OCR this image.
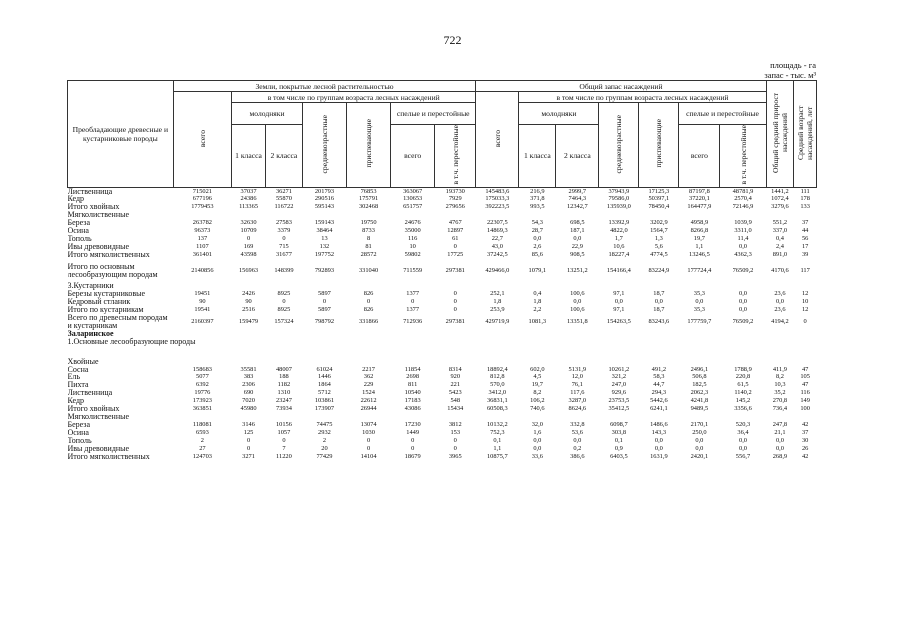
722
площадь - га
запас - тыс. м³
Преобладающие древесные и кустарниковые породы	Земли, покрытые лесной растительностью							Общий запас насаждений							Общий средний прирост насаждений	Средний возраст насаждений, лет
	всего	в том числе по группам возраста лесных насаждений						всего	в том числе по группам возраста лесных насаждений							
		молодняки		средневозрастные	приспевающие	спелые и перестойные			молодняки		средневозрастные	приспевающие	спелые и перестойные			
		1 класса	2 класса			всего	в т.ч. перестойные		1 класса	2 класса			всего	в т.ч. перестойные		
Лиственница	715021	37037	36271	201793	76853	363067	193730	145483,6	216,9	2999,7	37943,9	17125,3	87197,8	48781,9	1441,2	111
Кедр	677196	24386	55870	290516	175791	130653	7929	175033,3	371,8	7464,3	79586,0	50397,1	37220,1	2570,4	1072,4	178
Итого хвойных	1779453	113365	116722	595143	302468	651757	279656	392223,5	993,5	12342,7	135939,0	78450,4	164477,9	72146,9	3279,6	133
Мягколиственные																
Береза	263782	32630	27583	159143	19750	24676	4767	22307,5	54,3	698,5	13392,9	3202,9	4958,9	1039,9	551,2	37
Осина	96373	10709	3379	38464	8733	35000	12897	14869,3	28,7	187,1	4822,0	1564,7	8266,8	3311,0	337,0	44
Тополь	137	0	0	13	8	116	61	22,7	0,0	0,0	1,7	1,3	19,7	11,4	0,4	56
Ивы древовидные	1107	169	715	132	81	10	0	43,0	2,6	22,9	10,6	5,6	1,1	0,0	2,4	17
Итого мягколиственных	361401	43598	31677	197752	28572	59802	17725	37242,5	85,6	908,5	18227,4	4774,5	13246,5	4362,3	891,0	39
Итого по основным лесообразующим породам	2140856	156963	148399	792893	331040	711559	297381	429466,0	1079,1	13251,2	154166,4	83224,9	177724,4	76509,2	4170,6	117
3.Кустарники																
Березы кустарниковые	19451	2426	8925	5897	826	1377	0	252,1	0,4	100,6	97,1	18,7	35,3	0,0	23,6	12
Кедровый стланик	90	90	0	0	0	0	0	1,8	1,8	0,0	0,0	0,0	0,0	0,0	0,0	10
Итого по кустарникам	19541	2516	8925	5897	826	1377	0	253,9	2,2	100,6	97,1	18,7	35,3	0,0	23,6	12
Всего по древесным породам и кустарникам	2160397	159479	157324	798792	331866	712936	297381	429719,9	1081,3	13351,8	154263,5	83243,6	177759,7	76509,2	4194,2	0
Заларинское																
1.Основные лесообразующие породы																

Хвойные																
Сосна	158683	35581	48007	61024	2217	11854	8314	18892,4	602,0	5131,9	10261,2	491,2	2496,1	1788,9	411,9	47
Ель	5077	383	188	1446	362	2698	920	812,8	4,5	12,0	321,2	58,3	506,8	220,8	8,2	105
Пихта	6392	2306	1182	1864	229	811	221	570,0	19,7	76,1	247,0	44,7	182,5	61,5	10,3	47
Лиственница	19776	690	1310	5712	1524	10540	5423	3412,0	8,2	117,6	929,6	294,3	2062,3	1140,2	35,2	116
Кедр	173923	7020	23247	103861	22612	17183	548	36831,1	106,2	3287,0	23753,5	5442,6	4241,8	145,2	270,8	149
Итого хвойных	363851	45980	73934	173907	26944	43086	15434	60508,3	740,6	8624,6	35412,5	6241,1	9489,5	3356,6	736,4	100
Мягколиственные																
Береза	118081	3146	10156	74475	13074	17230	3812	10132,2	32,0	332,8	6098,7	1486,6	2170,1	520,3	247,8	42
Осина	6593	125	1057	2932	1030	1449	153	752,3	1,6	53,6	303,8	143,3	250,0	36,4	21,1	37
Тополь	2	0	0	2	0	0	0	0,1	0,0	0,0	0,1	0,0	0,0	0,0	0,0	30
Ивы древовидные	27	0	7	20	0	0	0	1,1	0,0	0,2	0,9	0,0	0,0	0,0	0,0	26
Итого мягколиственных	124703	3271	11220	77429	14104	18679	3965	10875,7	33,6	386,6	6403,5	1631,9	2420,1	556,7	268,9	42
